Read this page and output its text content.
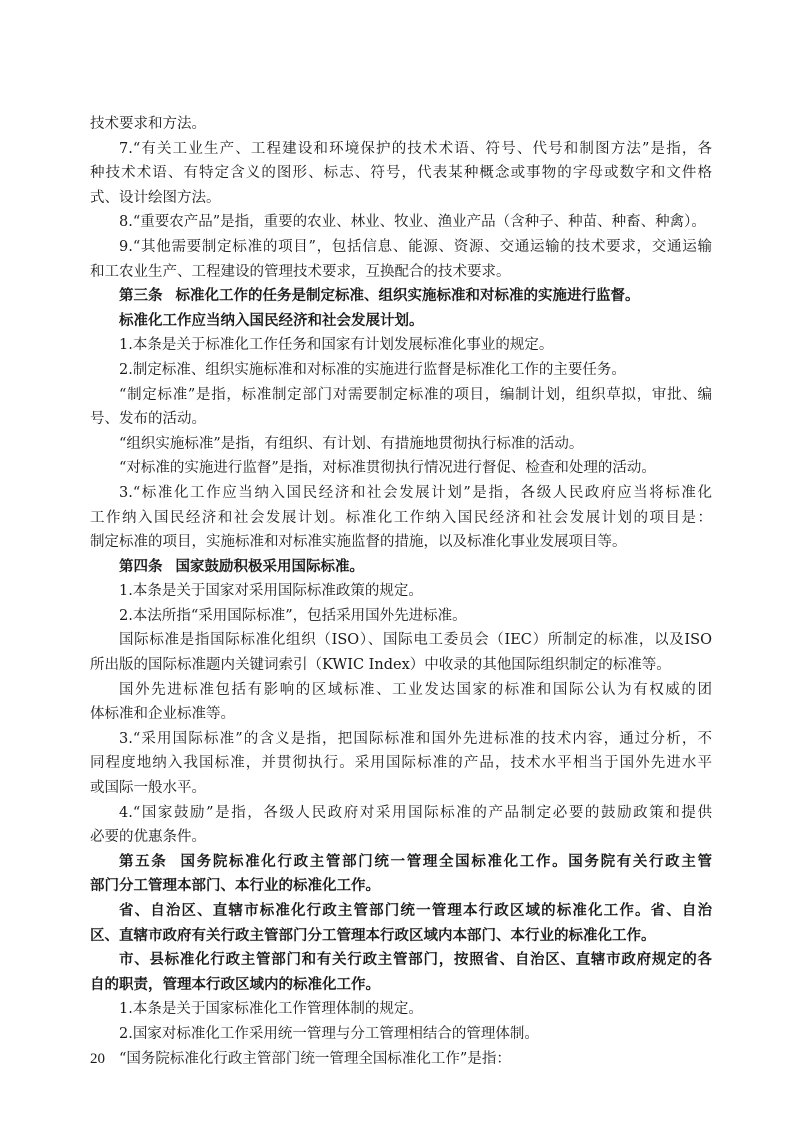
技术要求和方法。
7.“有关工业生产、工程建设和环境保护的技术术语、符号、代号和制图方法”是指，各
种技术术语、有特定含义的图形、标志、符号，代表某种概念或事物的字母或数字和文件格
式、设计绘图方法。
8.“重要农产品”是指，重要的农业、林业、牧业、渔业产品（含种子、种苗、种畜、种禽）。
9.“其他需要制定标准的项目”，包括信息、能源、资源、交通运输的技术要求，交通运输
和工农业生产、工程建设的管理技术要求，互换配合的技术要求。
第三条 标准化工作的任务是制定标准、组织实施标准和对标准的实施进行监督。
标准化工作应当纳入国民经济和社会发展计划。
1.本条是关于标准化工作任务和国家有计划发展标准化事业的规定。
2.制定标准、组织实施标准和对标准的实施进行监督是标准化工作的主要任务。
“制定标准”是指，标准制定部门对需要制定标准的项目，编制计划，组织草拟，审批、编
号、发布的活动。
“组织实施标准”是指，有组织、有计划、有措施地贯彻执行标准的活动。
“对标准的实施进行监督”是指，对标准贯彻执行情况进行督促、检查和处理的活动。
3.“标准化工作应当纳入国民经济和社会发展计划”是指，各级人民政府应当将标准化
工作纳入国民经济和社会发展计划。标准化工作纳入国民经济和社会发展计划的项目是：
制定标准的项目，实施标准和对标准实施监督的措施，以及标准化事业发展项目等。
第四条 国家鼓励积极采用国际标准。
1.本条是关于国家对采用国际标准政策的规定。
2.本法所指“采用国际标准”，包括采用国外先进标准。
国际标准是指国际标准化组织（ISO）、国际电工委员会（IEC）所制定的标准，以及ISO
所出版的国际标准题内关键词索引（KWIC Index）中收录的其他国际组织制定的标准等。
国外先进标准包括有影响的区域标准、工业发达国家的标准和国际公认为有权威的团
体标准和企业标准等。
3.“采用国际标准”的含义是指，把国际标准和国外先进标准的技术内容，通过分析，不
同程度地纳入我国标准，并贯彻执行。采用国际标准的产品，技术水平相当于国外先进水平
或国际一般水平。
4.“国家鼓励”是指，各级人民政府对采用国际标准的产品制定必要的鼓励政策和提供
必要的优惠条件。
第五条 国务院标准化行政主管部门统一管理全国标准化工作。国务院有关行政主管
部门分工管理本部门、本行业的标准化工作。
省、自治区、直辖市标准化行政主管部门统一管理本行政区域的标准化工作。省、自治
区、直辖市政府有关行政主管部门分工管理本行政区域内本部门、本行业的标准化工作。
市、县标准化行政主管部门和有关行政主管部门，按照省、自治区、直辖市政府规定的各
自的职责，管理本行政区域内的标准化工作。
1.本条是关于国家标准化工作管理体制的规定。
2.国家对标准化工作采用统一管理与分工管理相结合的管理体制。
“国务院标准化行政主管部门统一管理全国标准化工作”是指：
20
